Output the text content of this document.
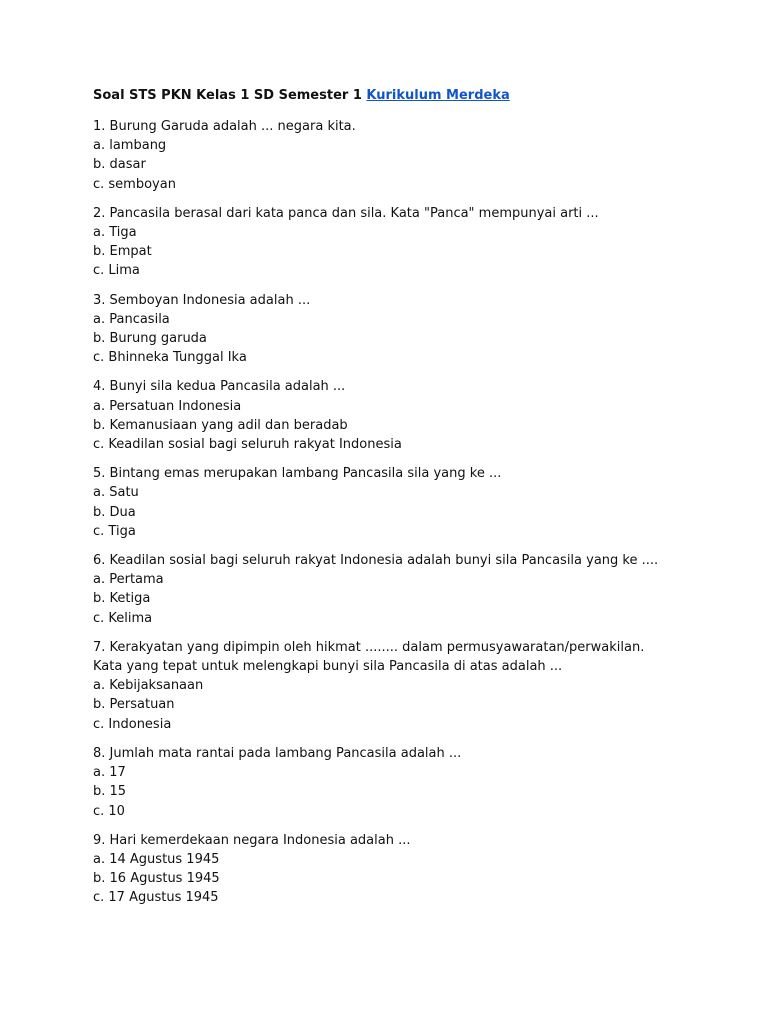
Soal STS PKN Kelas 1 SD Semester 1 Kurikulum Merdeka
1. Burung Garuda adalah ... negara kita.
a. lambang
b. dasar
c. semboyan
2. Pancasila berasal dari kata panca dan sila. Kata "Panca" mempunyai arti ...
a. Tiga
b. Empat
c. Lima
3. Semboyan Indonesia adalah ...
a. Pancasila
b. Burung garuda
c. Bhinneka Tunggal Ika
4. Bunyi sila kedua Pancasila adalah ...
a. Persatuan Indonesia
b. Kemanusiaan yang adil dan beradab
c. Keadilan sosial bagi seluruh rakyat Indonesia
5. Bintang emas merupakan lambang Pancasila sila yang ke ...
a. Satu
b. Dua
c. Tiga
6. Keadilan sosial bagi seluruh rakyat Indonesia adalah bunyi sila Pancasila yang ke ....
a. Pertama
b. Ketiga
c. Kelima
7. Kerakyatan yang dipimpin oleh hikmat ........ dalam permusyawaratan/perwakilan.
Kata yang tepat untuk melengkapi bunyi sila Pancasila di atas adalah ...
a. Kebijaksanaan
b. Persatuan
c. Indonesia
8. Jumlah mata rantai pada lambang Pancasila adalah ...
a. 17
b. 15
c. 10
9. Hari kemerdekaan negara Indonesia adalah ...
a. 14 Agustus 1945
b. 16 Agustus 1945
c. 17 Agustus 1945
